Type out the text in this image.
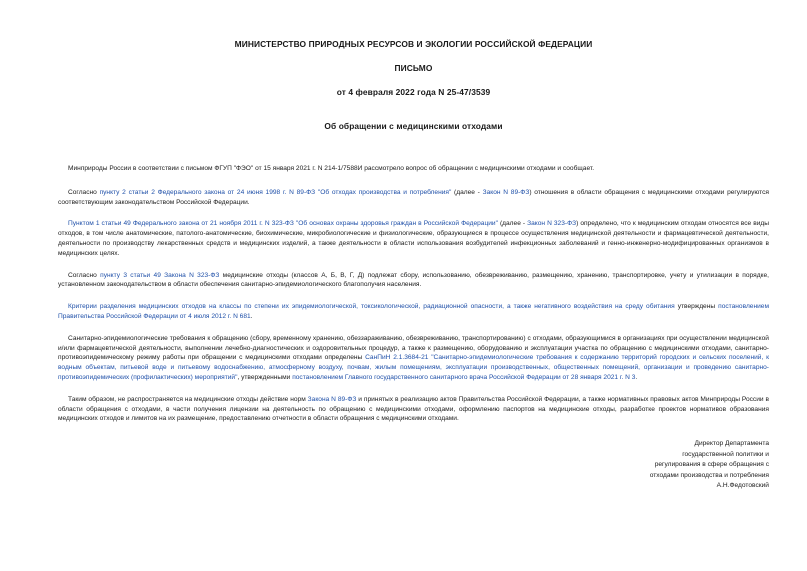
МИНИСТЕРСТВО ПРИРОДНЫХ РЕСУРСОВ И ЭКОЛОГИИ РОССИЙСКОЙ ФЕДЕРАЦИИ
ПИСЬМО
от 4 февраля 2022 года N 25-47/3539
Об обращении с медицинскими отходами

Минприроды России в соответствии с письмом ФГУП "ФЭО" от 15 января 2021 г. N 214-1/7588И рассмотрело вопрос об обращении с медицинскими отходами и сообщает.

Согласно пункту 2 статьи 2 Федерального закона от 24 июня 1998 г. N 89-ФЗ "Об отходах производства и потребления" (далее - Закон N 89-ФЗ) отношения в области обращения с медицинскими отходами регулируются соответствующим законодательством Российской Федерации.

Пунктом 1 статьи 49 Федерального закона от 21 ноября 2011 г. N 323-ФЗ "Об основах охраны здоровья граждан в Российской Федерации" (далее - Закон N 323-ФЗ) определено, что к медицинским отходам относятся все виды отходов, в том числе анатомические, патолого-анатомические, биохимические, микробиологические и физиологические, образующиеся в процессе осуществления медицинской деятельности и фармацевтической деятельности, деятельности по производству лекарственных средств и медицинских изделий, а также деятельности в области использования возбудителей инфекционных заболеваний и генно-инженерно-модифицированных организмов в медицинских целях.

Согласно пункту 3 статьи 49 Закона N 323-ФЗ медицинские отходы (классов А, Б, В, Г, Д) подлежат сбору, использованию, обезвреживанию, размещению, хранению, транспортировке, учету и утилизации в порядке, установленном законодательством в области обеспечения санитарно-эпидемиологического благополучия населения.

Критерии разделения медицинских отходов на классы по степени их эпидемиологической, токсикологической, радиационной опасности, а также негативного воздействия на среду обитания утверждены постановлением Правительства Российской Федерации от 4 июля 2012 г. N 681.

Санитарно-эпидемиологические требования к обращению (сбору, временному хранению, обеззараживанию, обезвреживанию, транспортированию) с отходами, образующимися в организациях при осуществлении медицинской и/или фармацевтической деятельности, выполнении лечебно-диагностических и оздоровительных процедур, а также к размещению, оборудованию и эксплуатации участка по обращению с медицинскими отходами, санитарно-противоэпидемическому режиму работы при обращении с медицинскими отходами определены СанПиН 2.1.3684-21 "Санитарно-эпидемиологические требования к содержанию территорий городских и сельских поселений, к водным объектам, питьевой воде и питьевому водоснабжению, атмосферному воздуху, почвам, жилым помещениям, эксплуатации производственных, общественных помещений, организации и проведению санитарно-противоэпидемических (профилактических) мероприятий", утвержденными постановлением Главного государственного санитарного врача Российской Федерации от 28 января 2021 г. N 3.

Таким образом, не распространяется на медицинские отходы действие норм Закона N 89-ФЗ и принятых в реализацию актов Правительства Российской Федерации, а также нормативных правовых актов Минприроды России в области обращения с отходами, в части получения лицензии на деятельность по обращению с медицинскими отходами, оформлению паспортов на медицинские отходы, разработке проектов нормативов образования медицинских отходов и лимитов на их размещение, предоставлению отчетности в области обращения с медицинскими отходами.

Директор Департамента
государственной политики и
регулирования в сфере обращения с
отходами производства и потребления
А.Н.Федотовский
